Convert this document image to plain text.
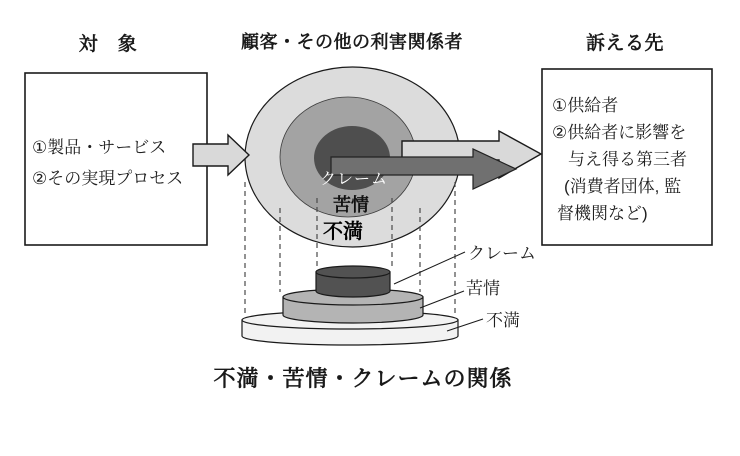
対　象	顧客・その他の利害関係者	訴える先
①製品・サービス
②その実現プロセス
①供給者
②供給者に影響を
与え得る第三者
(消費者団体, 監
督機関など)
クレーム
苦情
不満
クレーム
苦情
不満
不満・苦情・クレームの関係
